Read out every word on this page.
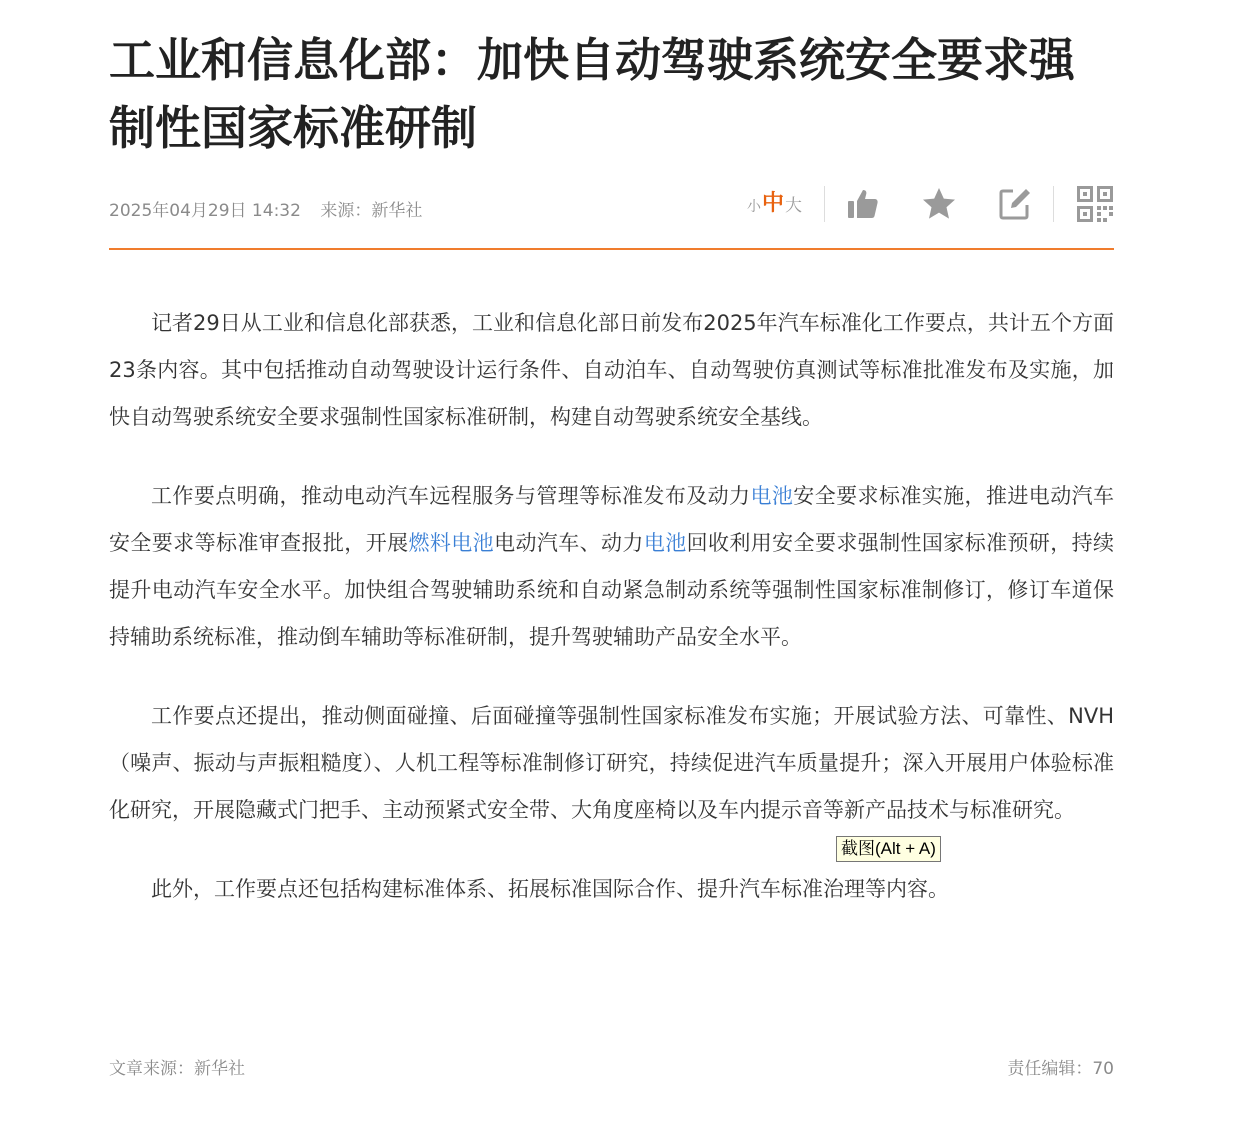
工业和信息化部：加快自动驾驶系统安全要求强制性国家标准研制
2025年04月29日 14:32 来源：新华社	小 中 大

记者29日从工业和信息化部获悉，工业和信息化部日前发布2025年汽车标准化工作要点，共计五个方面23条内容。其中包括推动自动驾驶设计运行条件、自动泊车、自动驾驶仿真测试等标准批准发布及实施，加快自动驾驶系统安全要求强制性国家标准研制，构建自动驾驶系统安全基线。

工作要点明确，推动电动汽车远程服务与管理等标准发布及动力电池安全要求标准实施，推进电动汽车安全要求等标准审查报批，开展燃料电池电动汽车、动力电池回收利用安全要求强制性国家标准预研，持续提升电动汽车安全水平。加快组合驾驶辅助系统和自动紧急制动系统等强制性国家标准制修订，修订车道保持辅助系统标准，推动倒车辅助等标准研制，提升驾驶辅助产品安全水平。

工作要点还提出，推动侧面碰撞、后面碰撞等强制性国家标准发布实施；开展试验方法、可靠性、NVH（噪声、振动与声振粗糙度）、人机工程等标准制修订研究，持续促进汽车质量提升；深入开展用户体验标准化研究，开展隐藏式门把手、主动预紧式安全带、大角度座椅以及车内提示音等新产品技术与标准研究。

此外，工作要点还包括构建标准体系、拓展标准国际合作、提升汽车标准治理等内容。

文章来源：新华社	责任编辑：70
截图(Alt + A)
